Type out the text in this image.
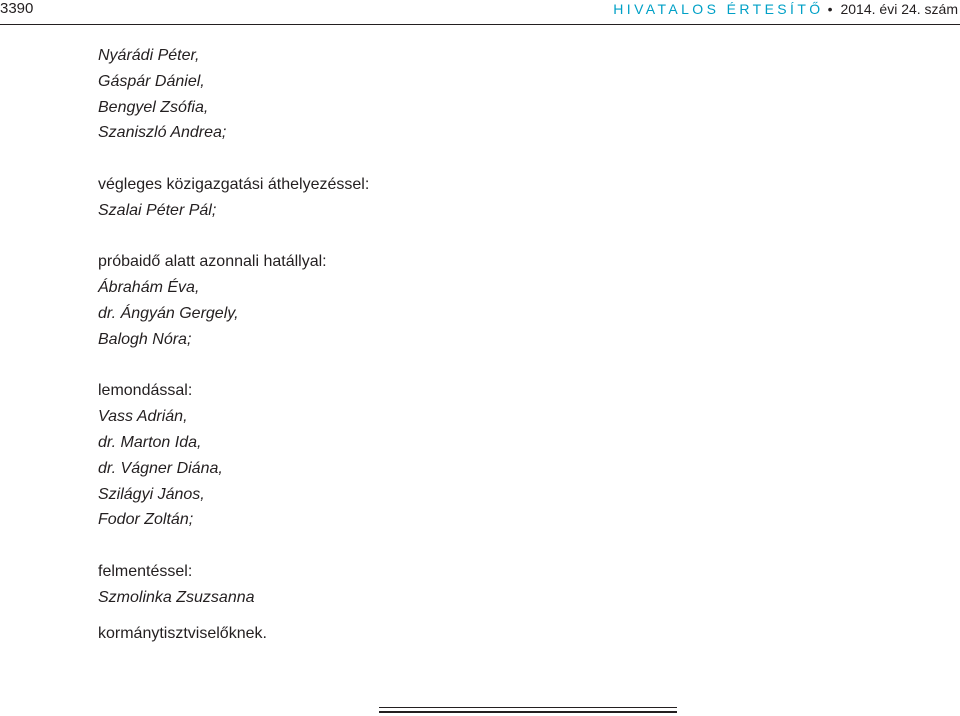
3390	HIVATALOS ÉRTESÍTŐ • 2014. évi 24. szám
Nyárádi Péter,
Gáspár Dániel,
Bengyel Zsófia,
Szaniszló Andrea;
végleges közigazgatási áthelyezéssel:
Szalai Péter Pál;
próbaidő alatt azonnali hatállyal:
Ábrahám Éva,
dr. Ángyán Gergely,
Balogh Nóra;
lemondással:
Vass Adrián,
dr. Marton Ida,
dr. Vágner Diána,
Szilágyi János,
Fodor Zoltán;
felmentéssel:
Szmolinka Zsuzsanna
kormánytisztviselőknek.
